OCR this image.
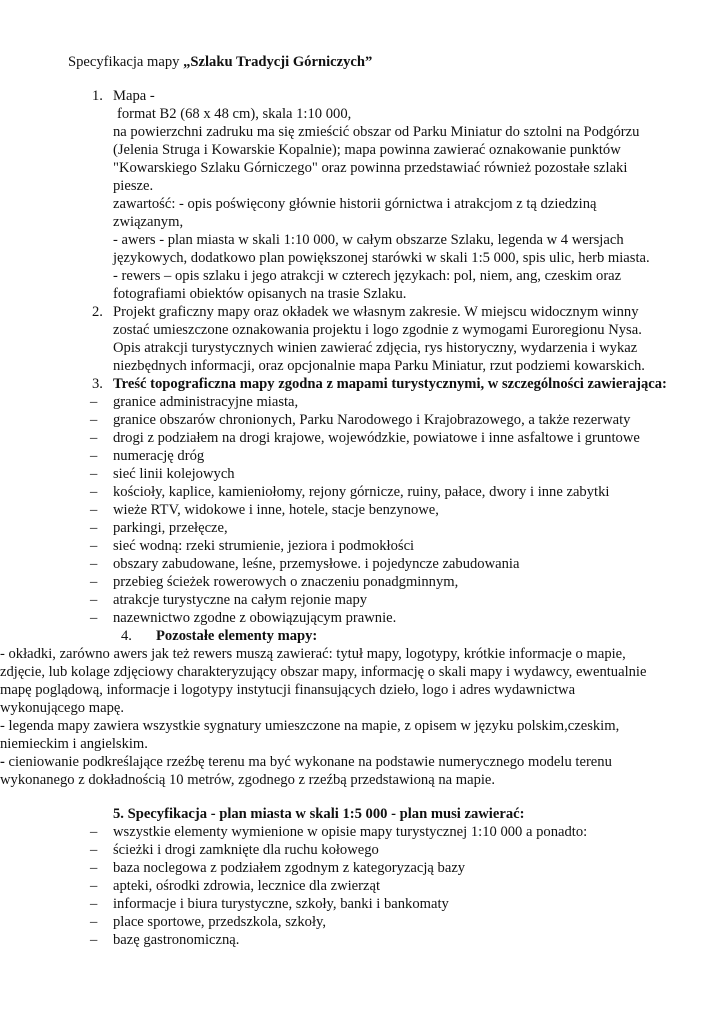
Specyfikacja mapy „Szlaku Tradycji Górniczych”
1. Mapa -
format B2 (68 x 48 cm), skala 1:10 000,
na powierzchni zadruku ma się zmieścić obszar od Parku Miniatur do sztolni na Podgórzu (Jelenia Struga i Kowarskie Kopalnie); mapa powinna zawierać oznakowanie punktów "Kowarskiego Szlaku Górniczego" oraz powinna przedstawiać również pozostałe szlaki piesze.
zawartość: - opis poświęcony głównie historii górnictwa i atrakcjom z tą dziedziną związanym,
- awers - plan miasta w skali 1:10 000, w całym obszarze Szlaku, legenda w 4 wersjach językowych, dodatkowo plan powiększonej starówki w skali 1:5 000, spis ulic, herb miasta.
- rewers – opis szlaku i jego atrakcji w czterech językach: pol, niem, ang, czeskim oraz fotografiami obiektów opisanych na trasie Szlaku.
2. Projekt graficzny mapy oraz okładek we własnym zakresie. W miejscu widocznym winny zostać umieszczone oznakowania projektu i logo zgodnie z wymogami Euroregionu Nysa. Opis atrakcji turystycznych winien zawierać zdjęcia, rys historyczny, wydarzenia i wykaz niezbędnych informacji, oraz opcjonalnie mapa Parku Miniatur, rzut podziemi kowarskich.
3. Treść topograficzna mapy zgodna z mapami turystycznymi, w szczególności zawierająca:
– granice administracyjne miasta,
– granice obszarów chronionych, Parku Narodowego i Krajobrazowego, a także rezerwaty
– drogi z podziałem na drogi krajowe, wojewódzkie, powiatowe i inne asfaltowe i gruntowe
– numerację dróg
– sieć linii kolejowych
– kościoły, kaplice, kamieniołomy, rejony górnicze, ruiny, pałace, dwory i inne zabytki
– wieże RTV, widokowe i inne, hotele, stacje benzynowe,
– parkingi, przełęcze,
– sieć wodną: rzeki strumienie, jeziora i podmokłości
– obszary zabudowane, leśne, przemysłowe. i pojedyncze zabudowania
– przebieg ścieżek rowerowych o znaczeniu ponadgminnym,
– atrakcje turystyczne na całym rejonie mapy
– nazewnictwo zgodne z obowiązującym prawnie.
4. Pozostałe elementy mapy:

- okładki, zarówno awers jak też rewers muszą zawierać: tytuł mapy, logotypy, krótkie informacje o mapie, zdjęcie, lub kolage zdjęciowy charakteryzujący obszar mapy, informację o skali mapy i wydawcy, ewentualnie mapę poglądową, informacje i logotypy instytucji finansujących dzieło, logo i adres wydawnictwa wykonującego mapę.

- legenda mapy zawiera wszystkie sygnatury umieszczone na mapie, z opisem w języku polskim,czeskim, niemieckim i angielskim.

- cieniowanie podkreślające rzeźbę terenu ma być wykonane na podstawie numerycznego modelu terenu wykonanego z dokładnością 10 metrów, zgodnego z rzeźbą przedstawioną na mapie.

5. Specyfikacja - plan miasta w skali 1:5 000 - plan musi zawierać:
– wszystkie elementy wymienione w opisie mapy turystycznej 1:10 000 a ponadto:
– ścieżki i drogi zamknięte dla ruchu kołowego
– baza noclegowa z podziałem zgodnym z kategoryzacją bazy
– apteki, ośrodki zdrowia, lecznice dla zwierząt
– informacje i biura turystyczne, szkoły, banki i bankomaty
– place sportowe, przedszkola, szkoły,
– bazę gastronomiczną.
